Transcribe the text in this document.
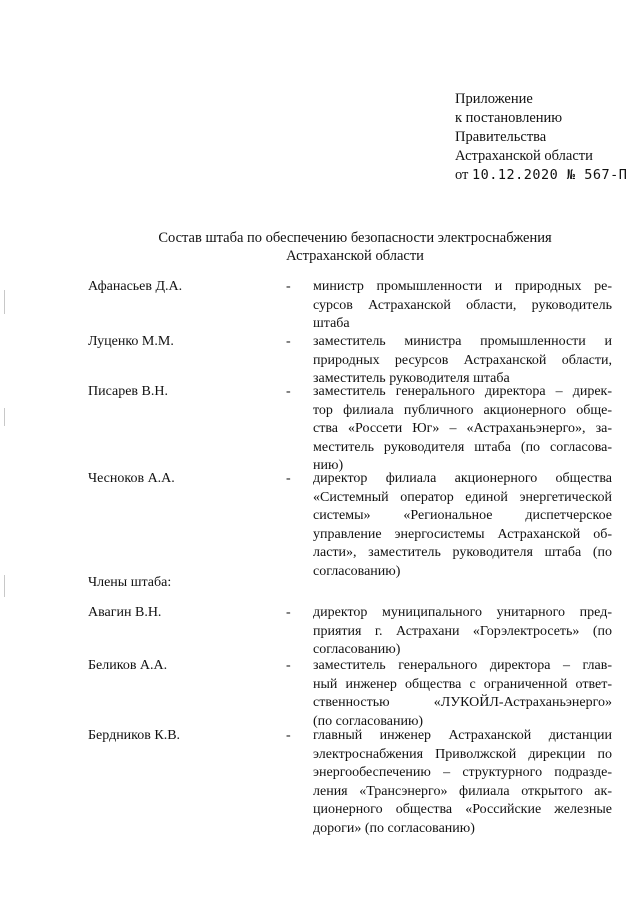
Приложение
к постановлению
Правительства
Астраханской области
от 10.12.2020 № 567-П
Состав штаба по обеспечению безопасности электроснабжения
Астраханской области
Афанасьев Д.А.	- министр промышленности и природных ре-
сурсов Астраханской области, руководитель
штаба
Луценко М.М.	- заместитель министра промышленности и
природных ресурсов Астраханской области,
заместитель руководителя штаба
Писарев В.Н.	- заместитель генерального директора – дирек-
тор филиала публичного акционерного обще-
ства «Россети Юг» – «Астраханьэнерго», за-
меститель руководителя штаба (по согласова-
нию)
Чесноков А.А.	- директор филиала акционерного общества
«Системный оператор единой энергетической
системы» «Региональное диспетчерское
управление энергосистемы Астраханской об-
ласти», заместитель руководителя штаба (по
согласованию)
Члены штаба:
Авагин В.Н.	- директор муниципального унитарного пред-
приятия г. Астрахани «Горэлектросеть» (по
согласованию)
Беликов А.А.	- заместитель генерального директора – глав-
ный инженер общества с ограниченной ответ-
ственностью «ЛУКОЙЛ-Астраханьэнерго»
(по согласованию)
Бердников К.В.	- главный инженер Астраханской дистанции
электроснабжения Приволжской дирекции по
энергообеспечению – структурного подразде-
ления «Трансэнерго» филиала открытого ак-
ционерного общества «Российские железные
дороги» (по согласованию)
